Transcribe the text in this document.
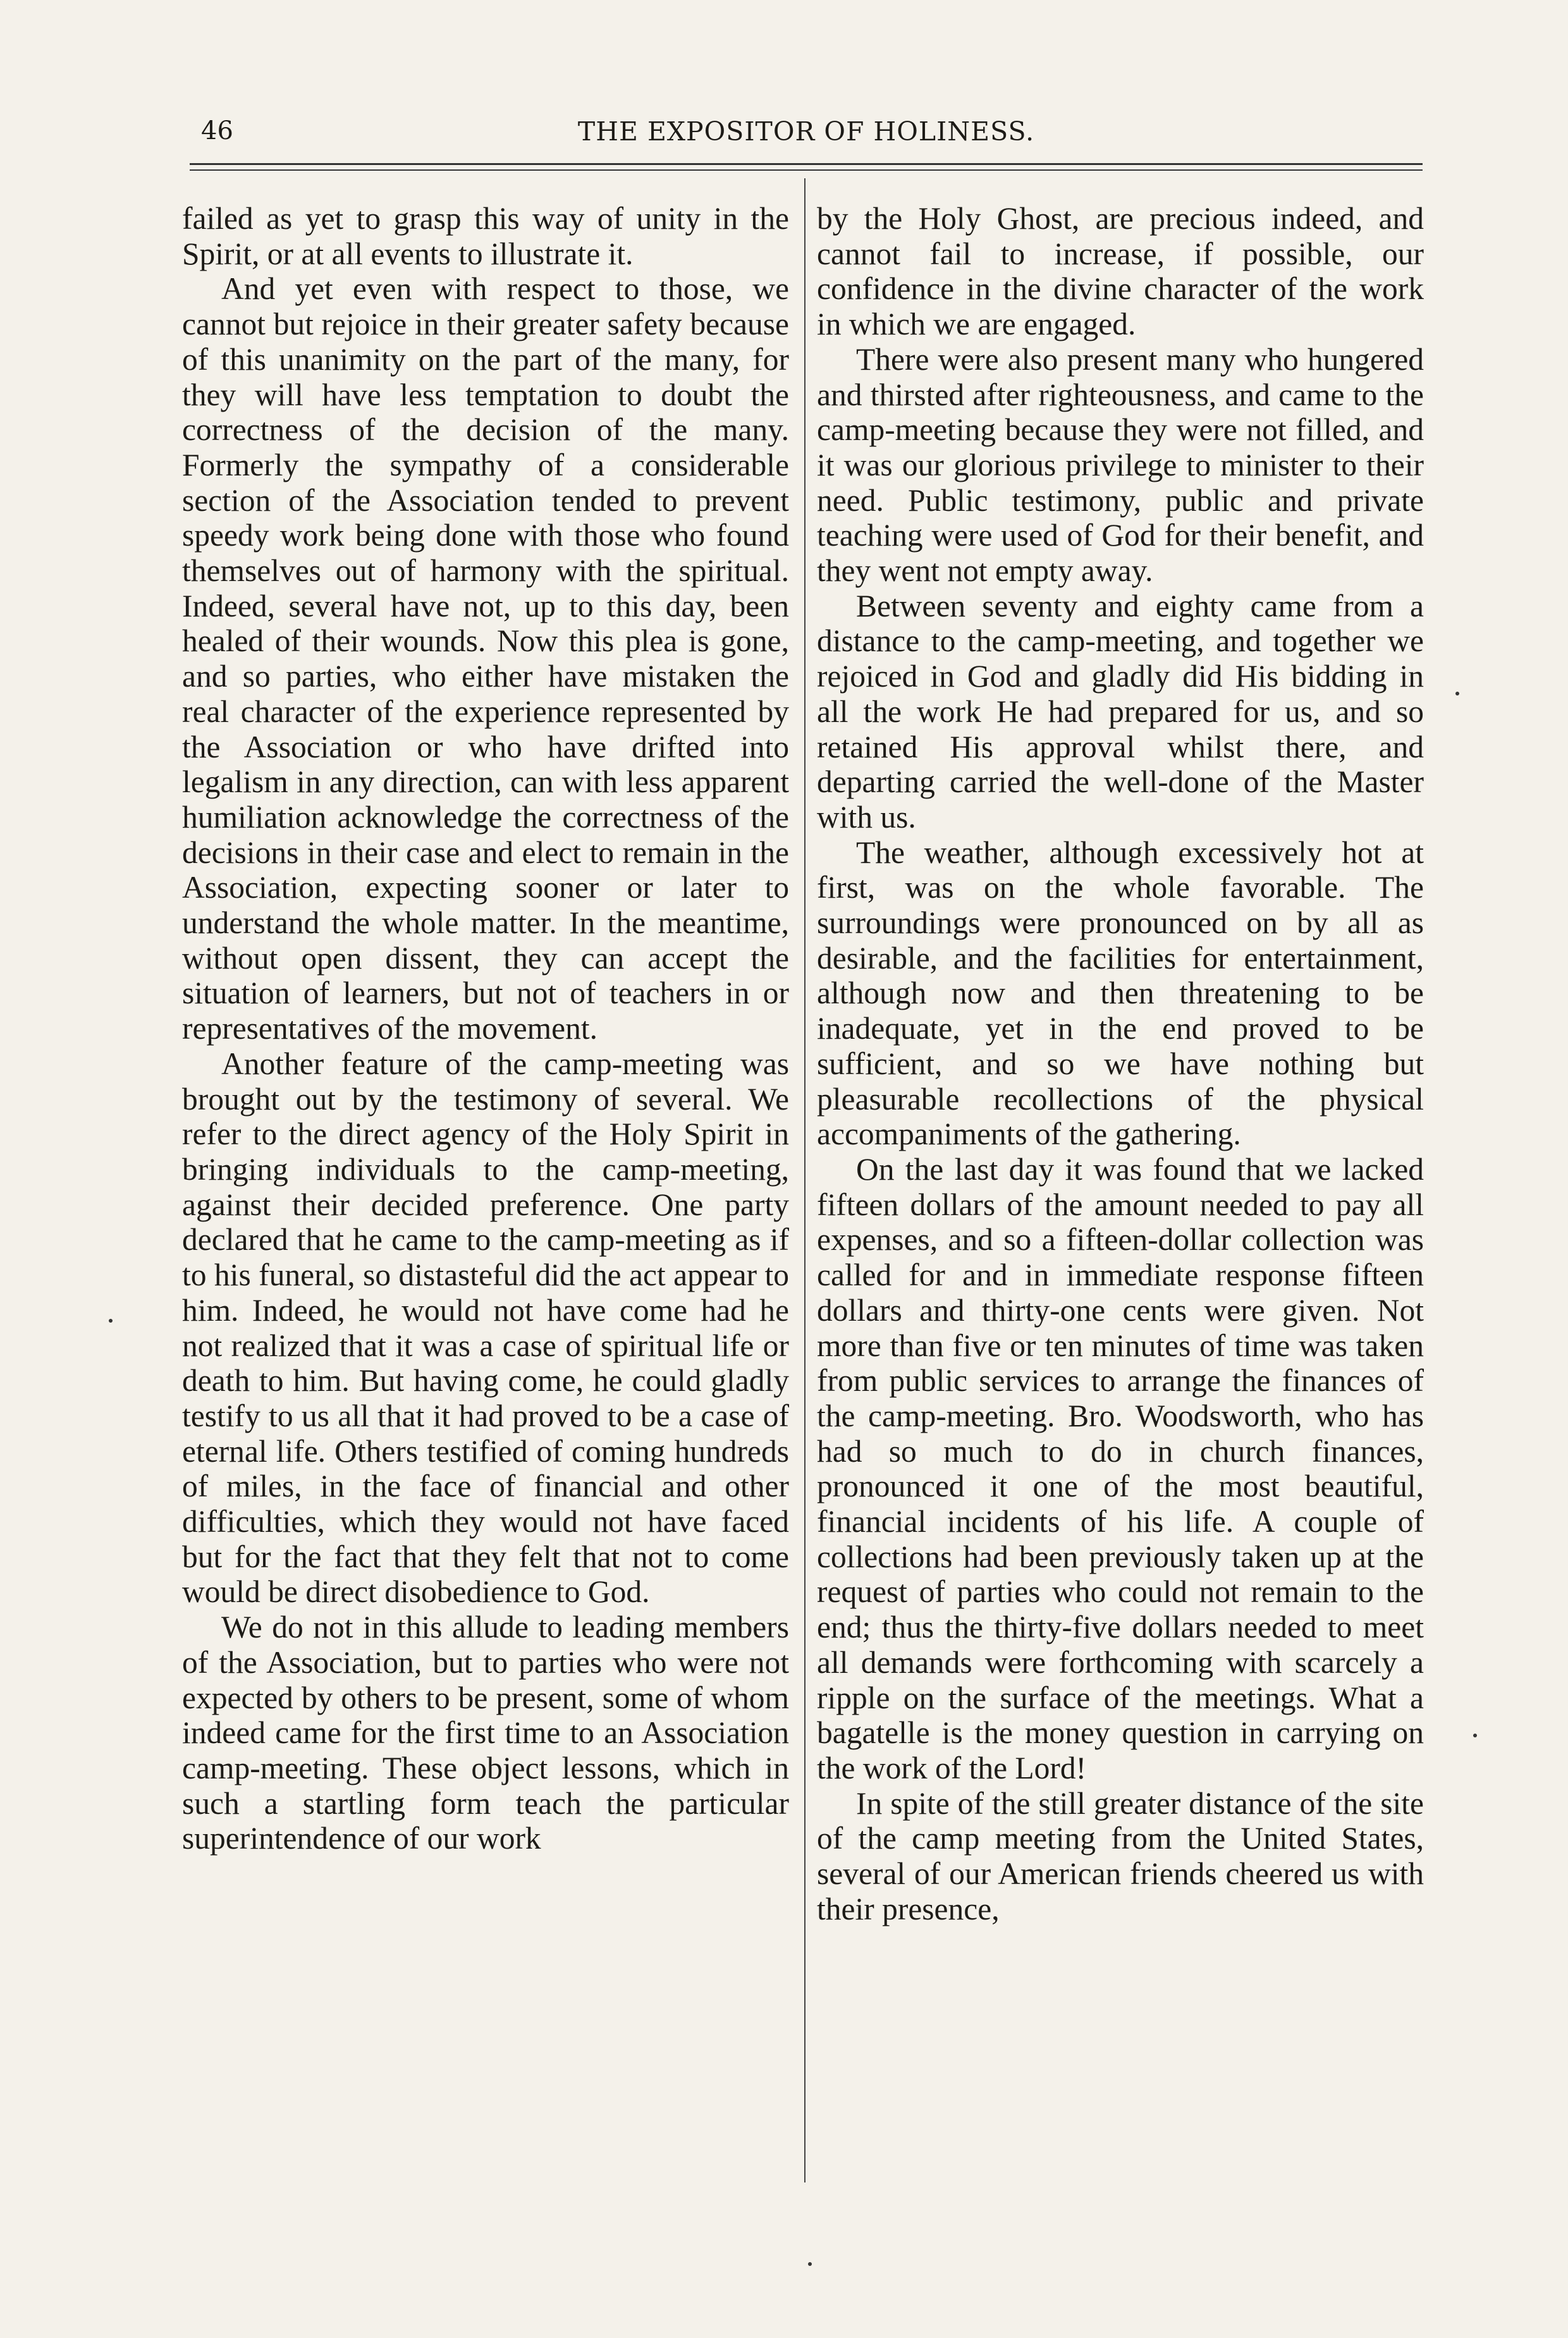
46	THE EXPOSITOR OF HOLINESS.

failed as yet to grasp this way of unity in the Spirit, or at all events to illustrate it.

And yet even with respect to those, we cannot but rejoice in their greater safety because of this unanimity on the part of the many, for they will have less temptation to doubt the correctness of the decision of the many. Formerly the sympathy of a considerable section of the Association tended to prevent speedy work being done with those who found themselves out of harmony with the spiritual. Indeed, several have not, up to this day, been healed of their wounds. Now this plea is gone, and so parties, who either have mistaken the real character of the experience represented by the Association or who have drifted into legalism in any direction, can with less apparent humiliation acknowledge the correctness of the decisions in their case and elect to remain in the Association, expecting sooner or later to understand the whole matter. In the meantime, without open dissent, they can accept the situation of learners, but not of teachers in or representatives of the movement.

Another feature of the camp-meeting was brought out by the testimony of several. We refer to the direct agency of the Holy Spirit in bringing individuals to the camp-meeting, against their decided preference. One party declared that he came to the camp-meeting as if to his funeral, so distasteful did the act appear to him. Indeed, he would not have come had he not realized that it was a case of spiritual life or death to him. But having come, he could gladly testify to us all that it had proved to be a case of eternal life. Others testified of coming hundreds of miles, in the face of financial and other difficulties, which they would not have faced but for the fact that they felt that not to come would be direct disobedience to God.

We do not in this allude to leading members of the Association, but to parties who were not expected by others to be present, some of whom indeed came for the first time to an Association camp-meeting. These object lessons, which in such a startling form teach the particular superintendence of our work

by the Holy Ghost, are precious indeed, and cannot fail to increase, if possible, our confidence in the divine character of the work in which we are engaged.

There were also present many who hungered and thirsted after righteousness, and came to the camp-meeting because they were not filled, and it was our glorious privilege to minister to their need. Public testimony, public and private teaching were used of God for their benefit, and they went not empty away.

Between seventy and eighty came from a distance to the camp-meeting, and together we rejoiced in God and gladly did His bidding in all the work He had prepared for us, and so retained His approval whilst there, and departing carried the well-done of the Master with us.

The weather, although excessively hot at first, was on the whole favorable. The surroundings were pronounced on by all as desirable, and the facilities for entertainment, although now and then threatening to be inadequate, yet in the end proved to be sufficient, and so we have nothing but pleasurable recollections of the physical accompaniments of the gathering.

On the last day it was found that we lacked fifteen dollars of the amount needed to pay all expenses, and so a fifteen-dollar collection was called for and in immediate response fifteen dollars and thirty-one cents were given. Not more than five or ten minutes of time was taken from public services to arrange the finances of the camp-meeting. Bro. Woodsworth, who has had so much to do in church finances, pronounced it one of the most beautiful, financial incidents of his life. A couple of collections had been previously taken up at the request of parties who could not remain to the end; thus the thirty-five dollars needed to meet all demands were forthcoming with scarcely a ripple on the surface of the meetings. What a bagatelle is the money question in carrying on the work of the Lord!

In spite of the still greater distance of the site of the camp meeting from the United States, several of our American friends cheered us with their presence,
